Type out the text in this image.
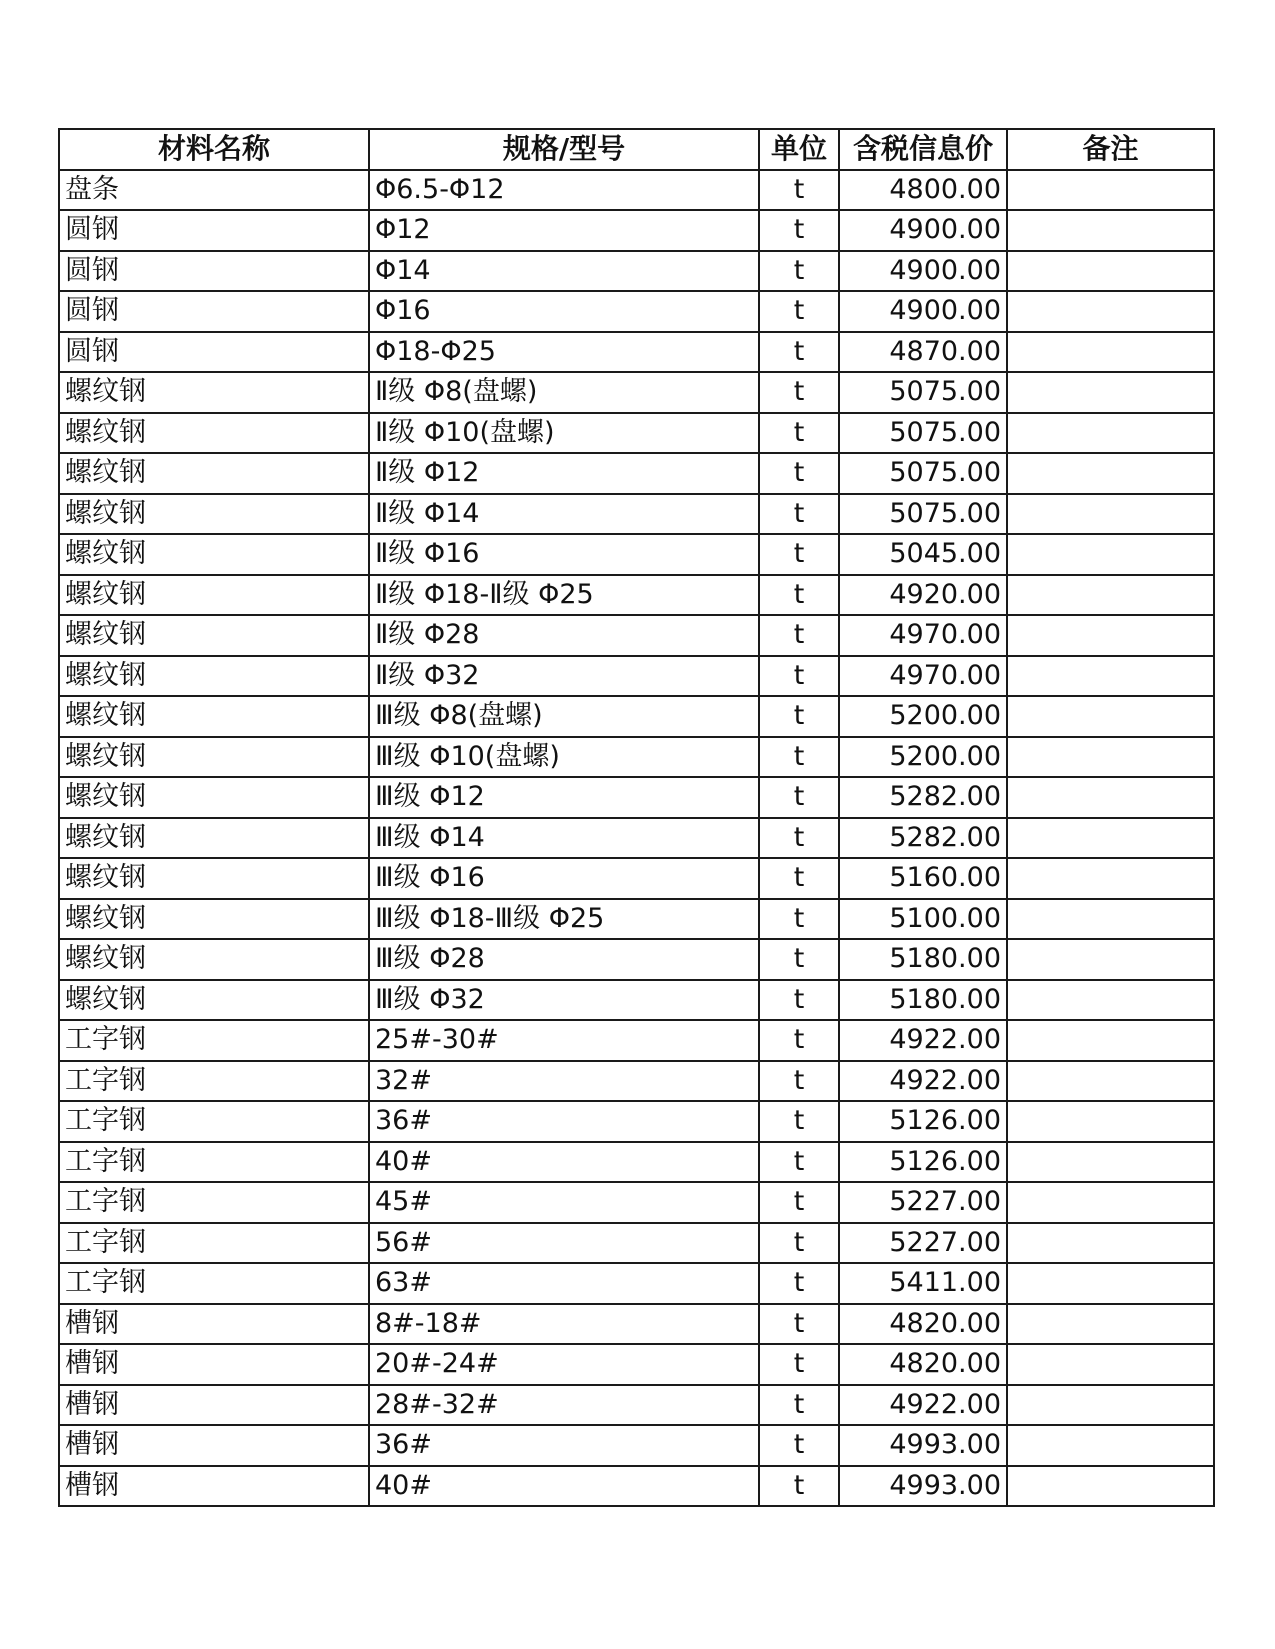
材料名称	规格/型号	单位	含税信息价	备注
盘条	Φ6.5-Φ12	t	4800.00	
圆钢	Φ12	t	4900.00	
圆钢	Φ14	t	4900.00	
圆钢	Φ16	t	4900.00	
圆钢	Φ18-Φ25	t	4870.00	
螺纹钢	Ⅱ级 Φ8(盘螺)	t	5075.00	
螺纹钢	Ⅱ级 Φ10(盘螺)	t	5075.00	
螺纹钢	Ⅱ级 Φ12	t	5075.00	
螺纹钢	Ⅱ级 Φ14	t	5075.00	
螺纹钢	Ⅱ级 Φ16	t	5045.00	
螺纹钢	Ⅱ级 Φ18-Ⅱ级 Φ25	t	4920.00	
螺纹钢	Ⅱ级 Φ28	t	4970.00	
螺纹钢	Ⅱ级 Φ32	t	4970.00	
螺纹钢	Ⅲ级 Φ8(盘螺)	t	5200.00	
螺纹钢	Ⅲ级 Φ10(盘螺)	t	5200.00	
螺纹钢	Ⅲ级 Φ12	t	5282.00	
螺纹钢	Ⅲ级 Φ14	t	5282.00	
螺纹钢	Ⅲ级 Φ16	t	5160.00	
螺纹钢	Ⅲ级 Φ18-Ⅲ级 Φ25	t	5100.00	
螺纹钢	Ⅲ级 Φ28	t	5180.00	
螺纹钢	Ⅲ级 Φ32	t	5180.00	
工字钢	25#-30#	t	4922.00	
工字钢	32#	t	4922.00	
工字钢	36#	t	5126.00	
工字钢	40#	t	5126.00	
工字钢	45#	t	5227.00	
工字钢	56#	t	5227.00	
工字钢	63#	t	5411.00	
槽钢	8#-18#	t	4820.00	
槽钢	20#-24#	t	4820.00	
槽钢	28#-32#	t	4922.00	
槽钢	36#	t	4993.00	
槽钢	40#	t	4993.00	
